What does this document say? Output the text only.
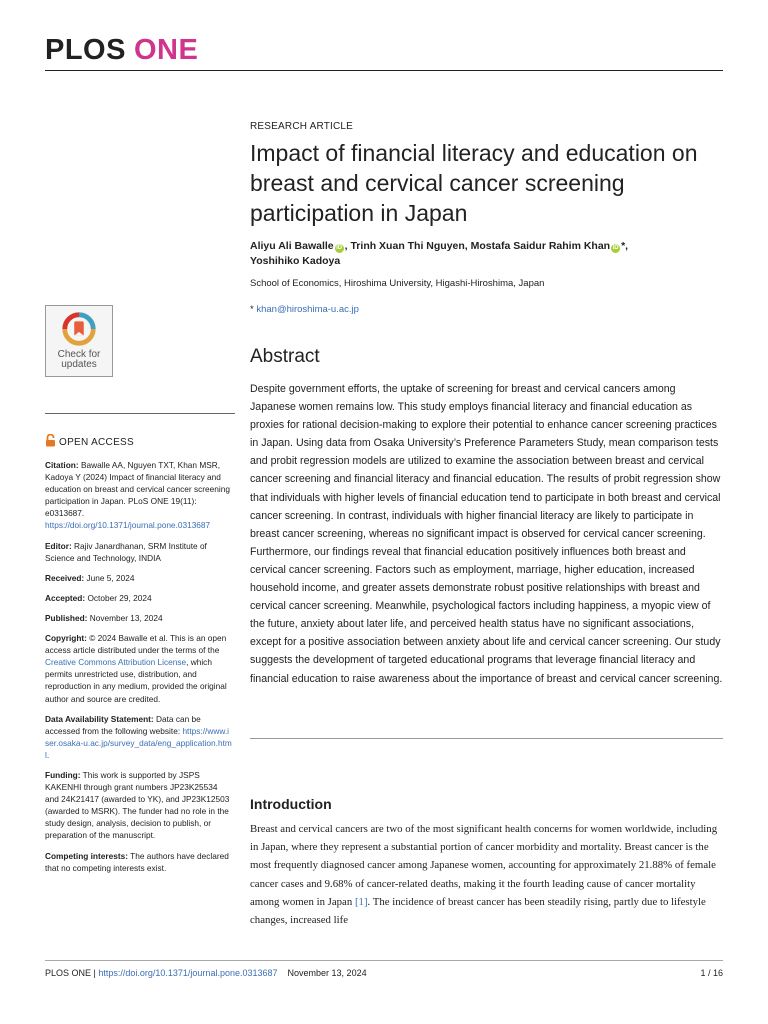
PLOS ONE
RESEARCH ARTICLE
Impact of financial literacy and education on breast and cervical cancer screening participation in Japan
Aliyu Ali Bawalle iD , Trinh Xuan Thi Nguyen, Mostafa Saidur Rahim Khan iD *,
Yoshihiko Kadoya
School of Economics, Hiroshima University, Higashi-Hiroshima, Japan
* khan@hiroshima-u.ac.jp
Check for
updates
OPEN ACCESS

Citation: Bawalle AA, Nguyen TXT, Khan MSR, Kadoya Y (2024) Impact of financial literacy and education on breast and cervical cancer screening participation in Japan. PLoS ONE 19(11): e0313687. https://doi.org/10.1371/journal.pone.0313687

Editor: Rajiv Janardhanan, SRM Institute of Science and Technology, INDIA

Received: June 5, 2024

Accepted: October 29, 2024

Published: November 13, 2024

Copyright: © 2024 Bawalle et al. This is an open access article distributed under the terms of the Creative Commons Attribution License, which permits unrestricted use, distribution, and reproduction in any medium, provided the original author and source are credited.

Data Availability Statement: Data can be accessed from the following website: https://www.iser.osaka-u.ac.jp/survey_data/eng_application.html.

Funding: This work is supported by JSPS KAKENHI through grant numbers JP23K25534 and 24K21417 (awarded to YK), and JP23K12503 (awarded to MSRK). The funder had no role in the study design, analysis, decision to publish, or preparation of the manuscript.

Competing interests: The authors have declared that no competing interests exist.

Abstract

Despite government efforts, the uptake of screening for breast and cervical cancers among Japanese women remains low. This study employs financial literacy and financial education as proxies for rational decision-making to explore their potential to enhance cancer screening practices in Japan. Using data from Osaka University’s Preference Parameters Study, mean comparison tests and probit regression models are utilized to examine the association between breast and cervical cancer screening and financial literacy and financial education. The results of probit regression show that individuals with higher levels of financial education tend to participate in both breast and cervical cancer screening. In contrast, individuals with higher financial literacy are likely to participate in breast cancer screening, whereas no significant impact is observed for cervical cancer screening. Furthermore, our findings reveal that financial education positively influences both breast and cervical cancer screening. Factors such as employment, marriage, higher education, increased household income, and greater assets demonstrate robust positive relationships with breast and cervical cancer screening. Meanwhile, psychological factors including happiness, a myopic view of the future, anxiety about later life, and perceived health status have no significant associations, except for a positive association between anxiety about life and cervical cancer screening. Our study suggests the development of targeted educational programs that leverage financial literacy and financial education to raise awareness about the importance of breast and cervical cancer screening.

Introduction

Breast and cervical cancers are two of the most significant health concerns for women worldwide, including in Japan, where they represent a substantial portion of cancer morbidity and mortality. Breast cancer is the most frequently diagnosed cancer among Japanese women, accounting for approximately 21.88% of female cancer cases and 9.68% of cancer-related deaths, making it the fourth leading cause of cancer mortality among women in Japan [1]. The incidence of breast cancer has been steadily rising, partly due to lifestyle changes, increased life

PLOS ONE | https://doi.org/10.1371/journal.pone.0313687 November 13, 2024	1 / 16
